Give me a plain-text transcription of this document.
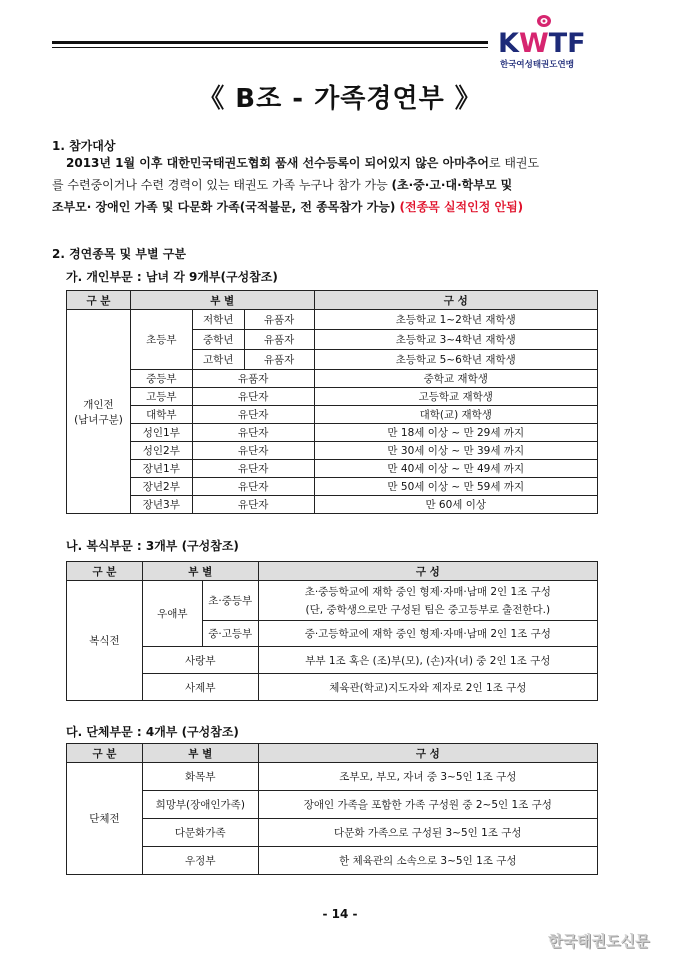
KWTF
한국여성태권도연맹
《 B조 - 가족경연부 》
1. 참가대상
2013년 1월 이후 대한민국태권도협회 품새 선수등록이 되어있지 않은 아마추어로 태권도
를 수련중이거나 수련 경력이 있는 태권도 가족 누구나 참가 가능 (초·중·고·대·학부모 및
조부모· 장애인 가족 및 다문화 가족(국적불문, 전 종목참가 가능) (전종목 실적인정 안됨)
2. 경연종목 및 부별 구분
가. 개인부문 : 남녀 각 9개부(구성참조)
구 분	부 별			구 성
개인전
(남녀구분)	초등부	저학년	유품자	초등학교 1~2학년 재학생
		중학년	유품자	초등학교 3~4학년 재학생
		고학년	유품자	초등학교 5~6학년 재학생
	중등부	유품자		중학교 재학생
	고등부	유단자		고등학교 재학생
	대학부	유단자		대학(교) 재학생
	성인1부	유단자		만 18세 이상 ~ 만 29세 까지
	성인2부	유단자		만 30세 이상 ~ 만 39세 까지
	장년1부	유단자		만 40세 이상 ~ 만 49세 까지
	장년2부	유단자		만 50세 이상 ~ 만 59세 까지
	장년3부	유단자		만 60세 이상
나. 복식부문 : 3개부 (구성참조)
구 분	부 별		구 성
복식전	우애부	초·중등부	초·중등학교에 재학 중인 형제·자매·남매 2인 1조 구성
(단, 중학생으로만 구성된 팀은 중고등부로 출전한다.)
		중·고등부	중·고등학교에 재학 중인 형제·자매·남매 2인 1조 구성
	사랑부		부부 1조 혹은 (조)부(모), (손)자(녀) 중 2인 1조 구성
	사제부		체육관(학교)지도자와 제자로 2인 1조 구성
다. 단체부문 : 4개부 (구성참조)
구 분	부 별	구 성
단체전	화목부	조부모, 부모, 자녀 중 3~5인 1조 구성
	희망부(장애인가족)	장애인 가족을 포함한 가족 구성원 중 2~5인 1조 구성
	다문화가족	다문화 가족으로 구성된 3~5인 1조 구성
	우정부	한 체육관의 소속으로 3~5인 1조 구성
- 14 -
한국태권도신문
